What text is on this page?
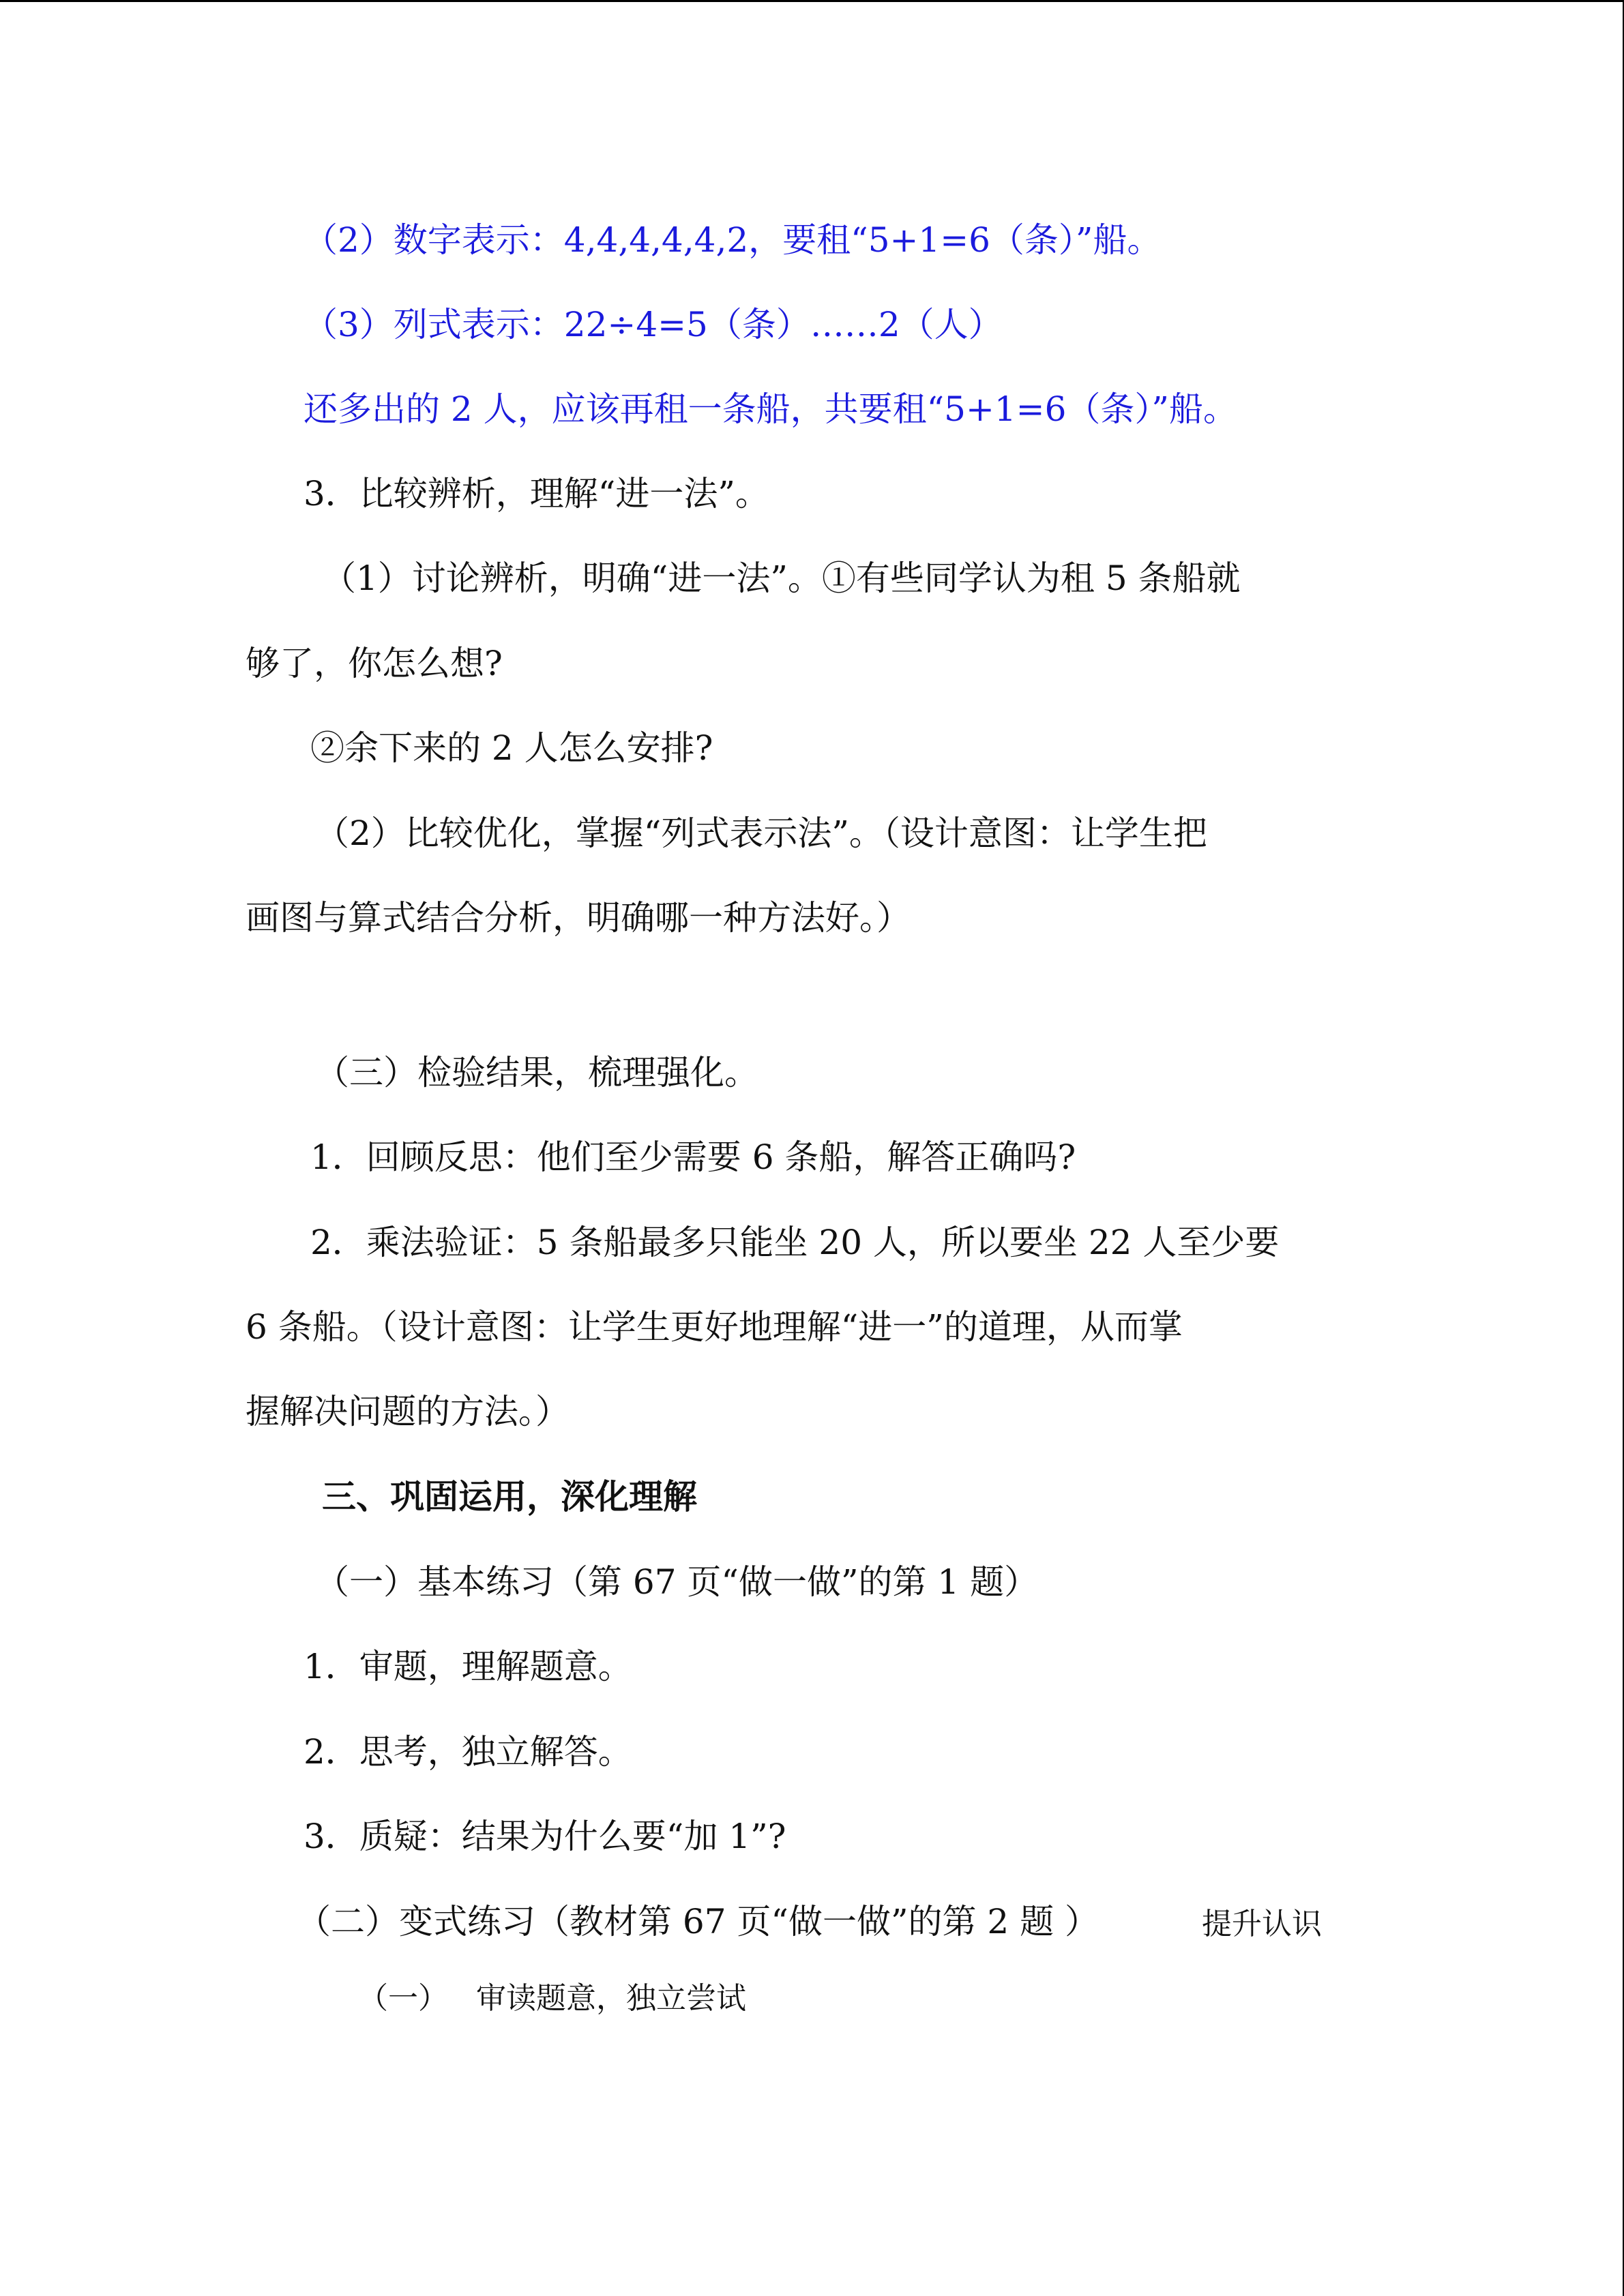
（2）数字表示：4,4,4,4,4,2，要租“5+1=6（条）”船。
（3）列式表示：22÷4=5（条）……2（人）
还多出的 2 人，应该再租一条船，共要租“5+1=6（条）”船。
3．比较辨析，理解“进一法”。
（1）讨论辨析，明确“进一法”。①有些同学认为租 5 条船就
够了，你怎么想?
②余下来的 2 人怎么安排?
（2）比较优化，掌握“列式表示法”。（设计意图：让学生把
画图与算式结合分析，明确哪一种方法好。）
（三）检验结果，梳理强化。
1．回顾反思：他们至少需要 6 条船，解答正确吗?
2．乘法验证：5 条船最多只能坐 20 人，所以要坐 22 人至少要
6 条船。（设计意图：让学生更好地理解“进一”的道理，从而掌
握解决问题的方法。）
三、巩固运用，深化理解
（一）基本练习（第 67 页“做一做”的第 1 题）
1．审题，理解题意。
2．思考，独立解答。
3．质疑：结果为什么要“加 1”?
（二）变式练习（教材第 67 页“做一做”的第 2 题 ）	提升认识
（一） 审读题意，独立尝试
